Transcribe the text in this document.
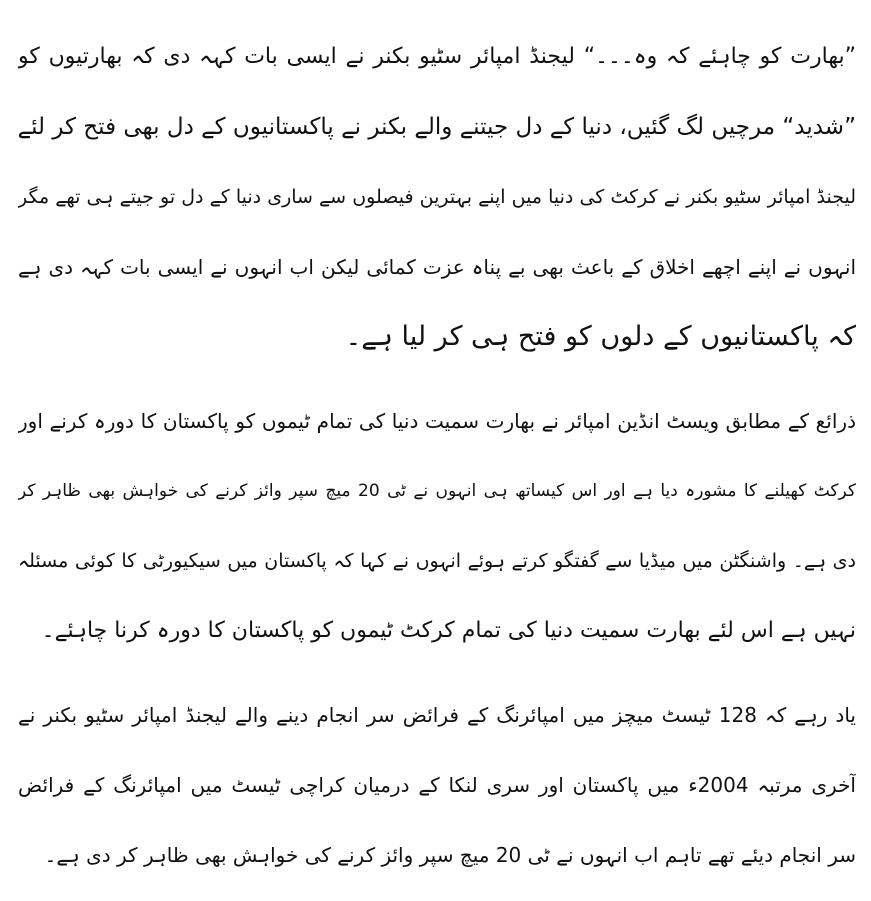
”بھارت کو چاہئے کہ وہ۔۔۔“ لیجنڈ امپائر سٹیو بکنر نے ایسی بات کہہ دی کہ بھارتیوں کو
”شدید“ مرچیں لگ گئیں، دنیا کے دل جیتنے والے بکنر نے پاکستانیوں کے دل بھی فتح کر لئے
لیجنڈ امپائر سٹیو بکنر نے کرکٹ کی دنیا میں اپنے بہترین فیصلوں سے ساری دنیا کے دل تو جیتے ہی تھے مگر
انہوں نے اپنے اچھے اخلاق کے باعث بھی بے پناہ عزت کمائی لیکن اب انہوں نے ایسی بات کہہ دی ہے
کہ پاکستانیوں کے دلوں کو فتح ہی کر لیا ہے۔
ذرائع کے مطابق ویسٹ انڈین امپائر نے بھارت سمیت دنیا کی تمام ٹیموں کو پاکستان کا دورہ کرنے اور
کرکٹ کھیلنے کا مشورہ دیا ہے اور اس کیساتھ ہی انہوں نے ٹی 20 میچ سپر وائز کرنے کی خواہش بھی ظاہر کر
دی ہے۔ واشنگٹن میں میڈیا سے گفتگو کرتے ہوئے انہوں نے کہا کہ پاکستان میں سیکیورٹی کا کوئی مسئلہ
نہیں ہے اس لئے بھارت سمیت دنیا کی تمام کرکٹ ٹیموں کو پاکستان کا دورہ کرنا چاہئے۔
یاد رہے کہ 128 ٹیسٹ میچز میں امپائرنگ کے فرائض سر انجام دینے والے لیجنڈ امپائر سٹیو بکنر نے
آخری مرتبہ 2004ء میں پاکستان اور سری لنکا کے درمیان کراچی ٹیسٹ میں امپائرنگ کے فرائض
سر انجام دیئے تھے تاہم اب انہوں نے ٹی 20 میچ سپر وائز کرنے کی خواہش بھی ظاہر کر دی ہے۔
